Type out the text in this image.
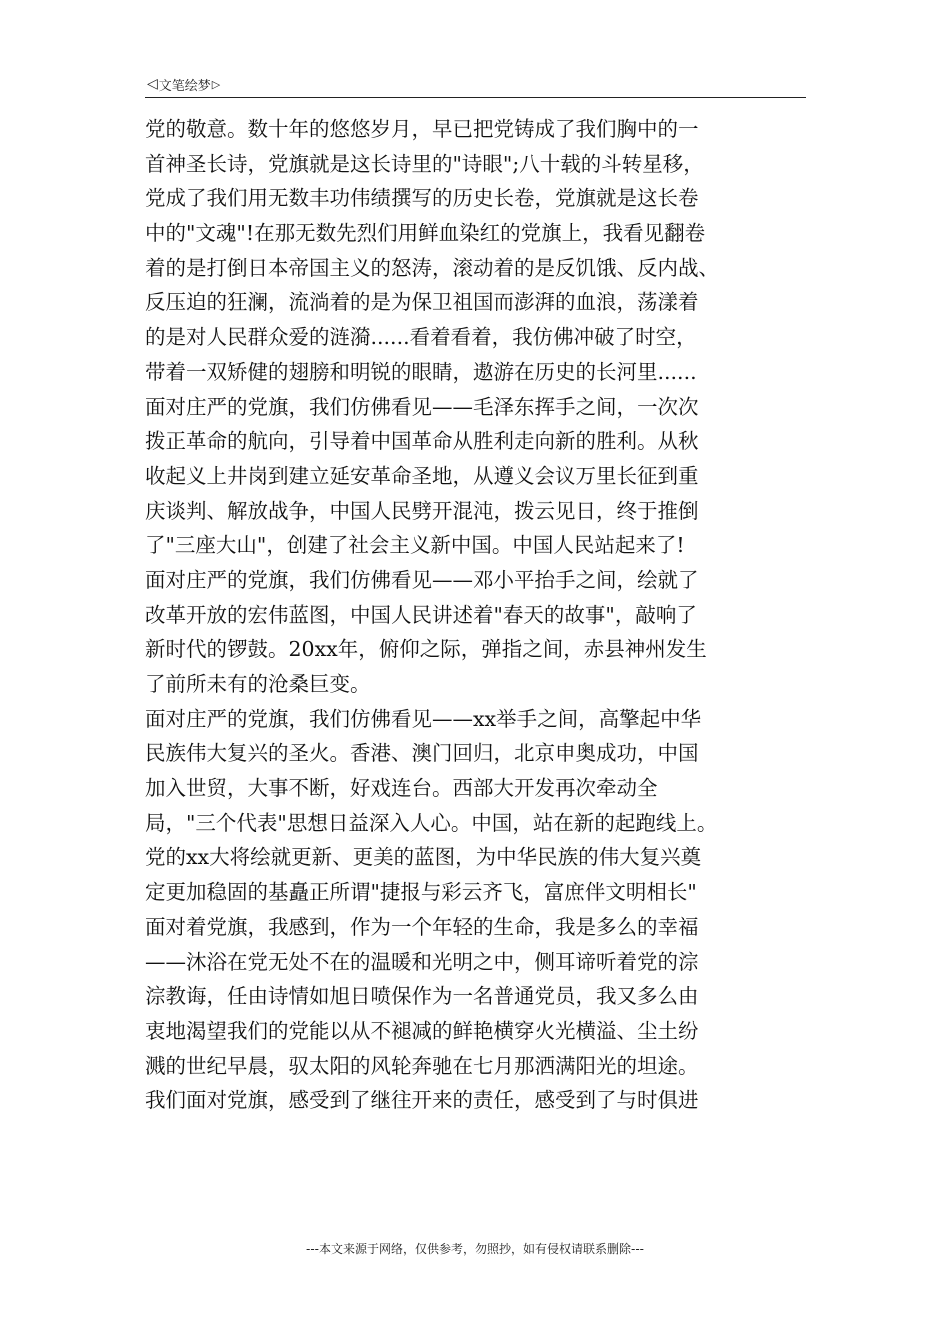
◁ 文笔绘梦 ▷
党的敬意。数十年的悠悠岁月，早已把党铸成了我们胸中的一
首神圣长诗，党旗就是这长诗里的"诗眼";八十载的斗转星移，
党成了我们用无数丰功伟绩撰写的历史长卷，党旗就是这长卷
中的"文魂"!在那无数先烈们用鲜血染红的党旗上，我看见翻卷
着的是打倒日本帝国主义的怒涛，滚动着的是反饥饿、反内战、
反压迫的狂澜，流淌着的是为保卫祖国而澎湃的血浪，荡漾着
的是对人民群众爱的涟漪......看着看着，我仿佛冲破了时空，
带着一双矫健的翅膀和明锐的眼睛，遨游在历史的长河里......
面对庄严的党旗，我们仿佛看见——毛泽东挥手之间，一次次
拨正革命的航向，引导着中国革命从胜利走向新的胜利。从秋
收起义上井岗到建立延安革命圣地，从遵义会议万里长征到重
庆谈判、解放战争，中国人民劈开混沌，拨云见日，终于推倒
了"三座大山"，创建了社会主义新中国。中国人民站起来了!
面对庄严的党旗，我们仿佛看见——邓小平抬手之间，绘就了
改革开放的宏伟蓝图，中国人民讲述着"春天的故事"，敲响了
新时代的锣鼓。20xx年，俯仰之际，弹指之间，赤县神州发生
了前所未有的沧桑巨变。
面对庄严的党旗，我们仿佛看见——xx举手之间，高擎起中华
民族伟大复兴的圣火。香港、澳门回归，北京申奥成功，中国
加入世贸，大事不断，好戏连台。西部大开发再次牵动全
局，"三个代表"思想日益深入人心。中国，站在新的起跑线上。
党的xx大将绘就更新、更美的蓝图，为中华民族的伟大复兴奠
定更加稳固的基矗正所谓"捷报与彩云齐飞，富庶伴文明相长"
面对着党旗，我感到，作为一个年轻的生命，我是多么的幸福
——沐浴在党无处不在的温暖和光明之中，侧耳谛听着党的淙
淙教诲，任由诗情如旭日喷保作为一名普通党员，我又多么由
衷地渴望我们的党能以从不褪减的鲜艳横穿火光横溢、尘土纷
溅的世纪早晨，驭太阳的风轮奔驰在七月那洒满阳光的坦途。
我们面对党旗，感受到了继往开来的责任，感受到了与时俱进
---本文来源于网络，仅供参考，勿照抄，如有侵权请联系删除---
